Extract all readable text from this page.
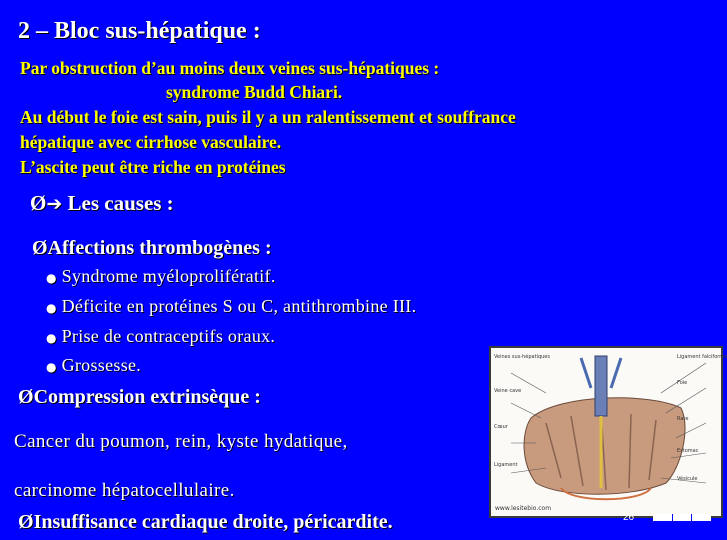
2 – Bloc sus-hépatique :
Par obstruction d’au moins deux veines sus-hépatiques :
syndrome Budd Chiari.
Au début le foie est sain, puis il y a un ralentissement et souffrance
hépatique avec cirrhose vasculaire.
L’ascite peut être riche en protéines
Ø➔ Les causes :
ØAffections thrombogènes :
● Syndrome myéloprolifératif.
● Déficite en protéines S ou C, antithrombine III.
● Prise de contraceptifs oraux.
● Grossesse.
ØCompression extrinsèque :
Cancer du poumon, rein, kyste hydatique,
carcinome hépatocellulaire.
ØInsuffisance cardiaque droite, péricardite.
Veines sus-hépatiques
Veine cave
Cœur
Ligament
Ligament falciforme
Foie
Rate
Estomac
Vésicule
www.lesitebio.com
26
